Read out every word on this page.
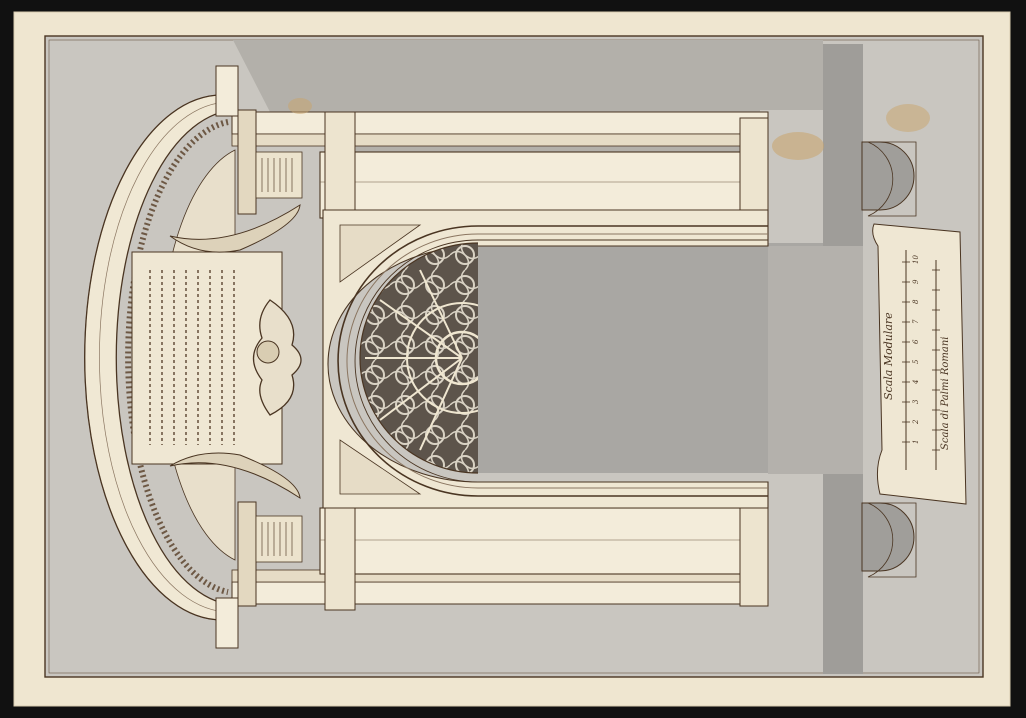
Scala Modulare	Scala di Palmi Romani
1
2
3
4
5
6
7
8
9
10
